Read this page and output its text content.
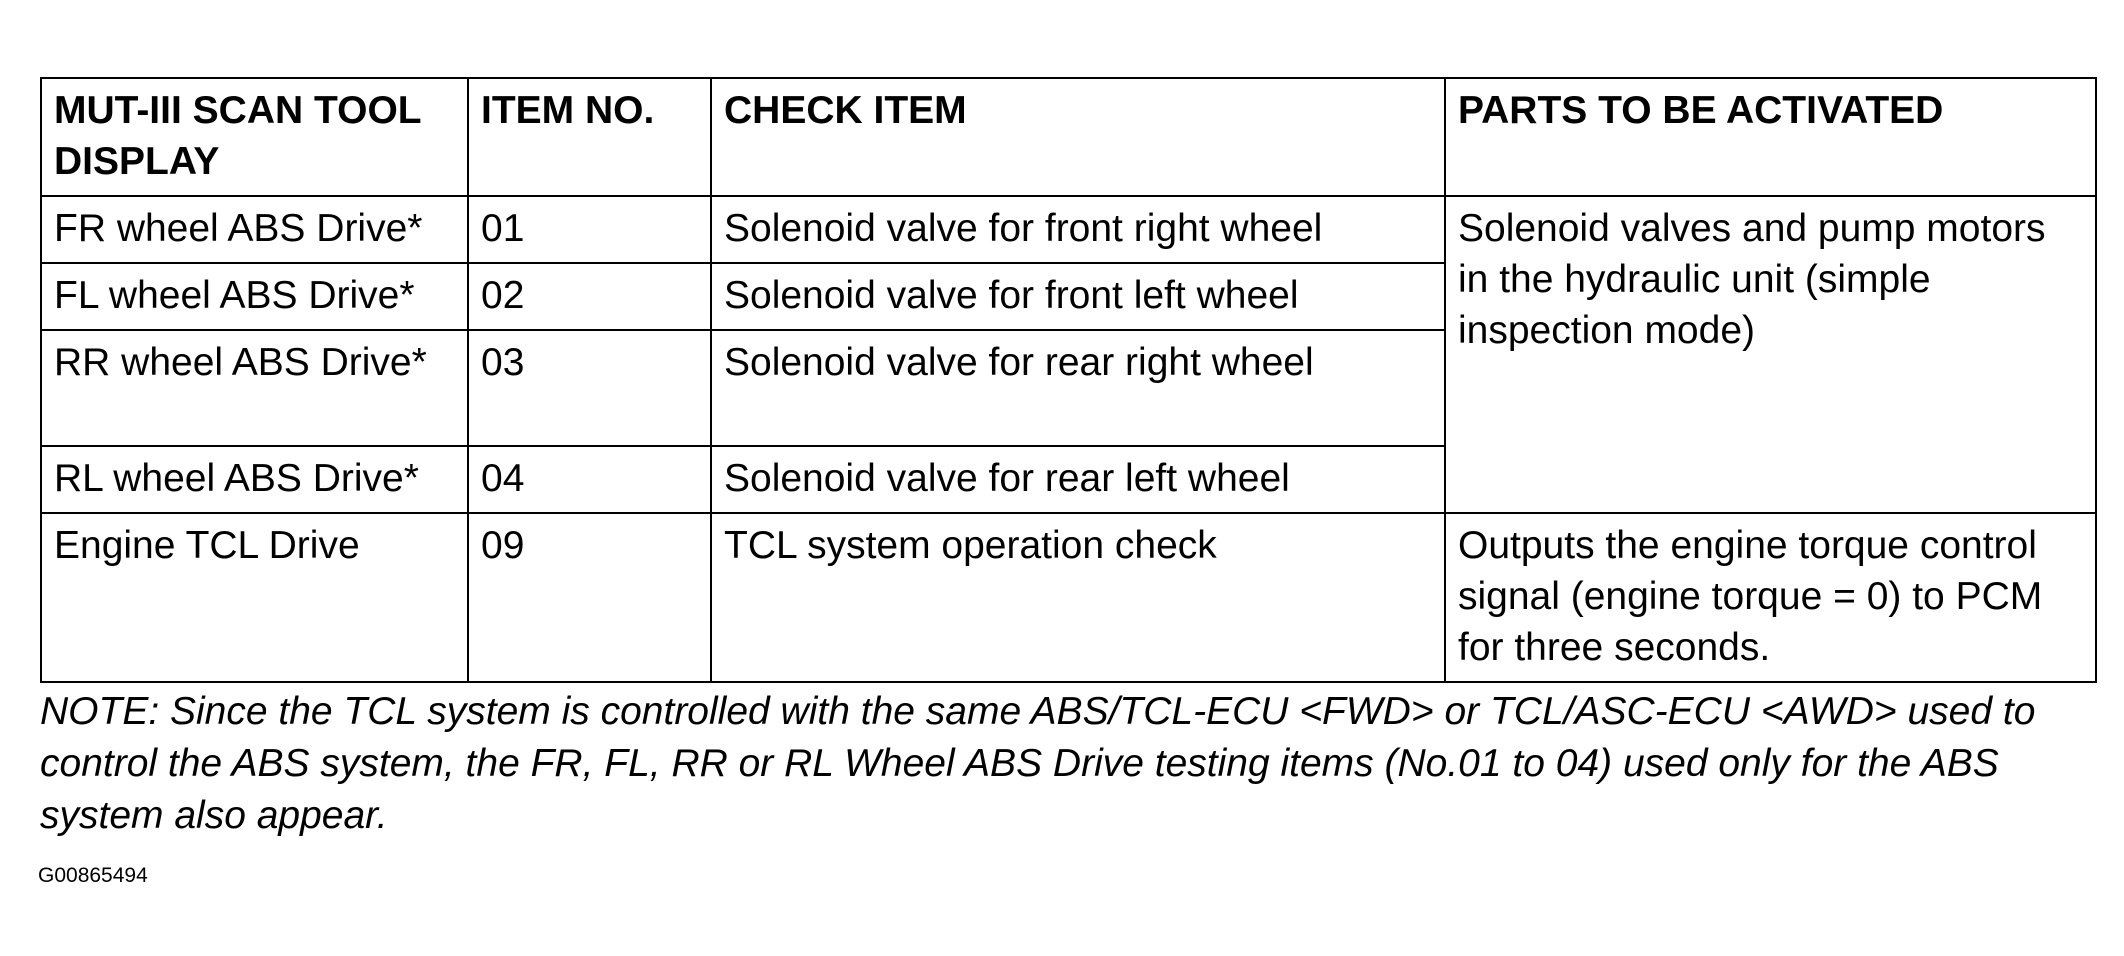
MUT-III SCAN TOOL DISPLAY	ITEM NO.	CHECK ITEM	PARTS TO BE ACTIVATED
FR wheel ABS Drive*	01	Solenoid valve for front right wheel	Solenoid valves and pump motors in the hydraulic unit (simple inspection mode)
FL wheel ABS Drive*	02	Solenoid valve for front left wheel	
RR wheel ABS Drive*	03	Solenoid valve for rear right wheel	
RL wheel ABS Drive*	04	Solenoid valve for rear left wheel	
Engine TCL Drive	09	TCL system operation check	Outputs the engine torque control signal (engine torque = 0) to PCM for three seconds.
NOTE: Since the TCL system is controlled with the same ABS/TCL-ECU <FWD> or TCL/ASC-ECU <AWD> used to control the ABS system, the FR, FL, RR or RL Wheel ABS Drive testing items (No.01 to 04) used only for the ABS system also appear.
G00865494
